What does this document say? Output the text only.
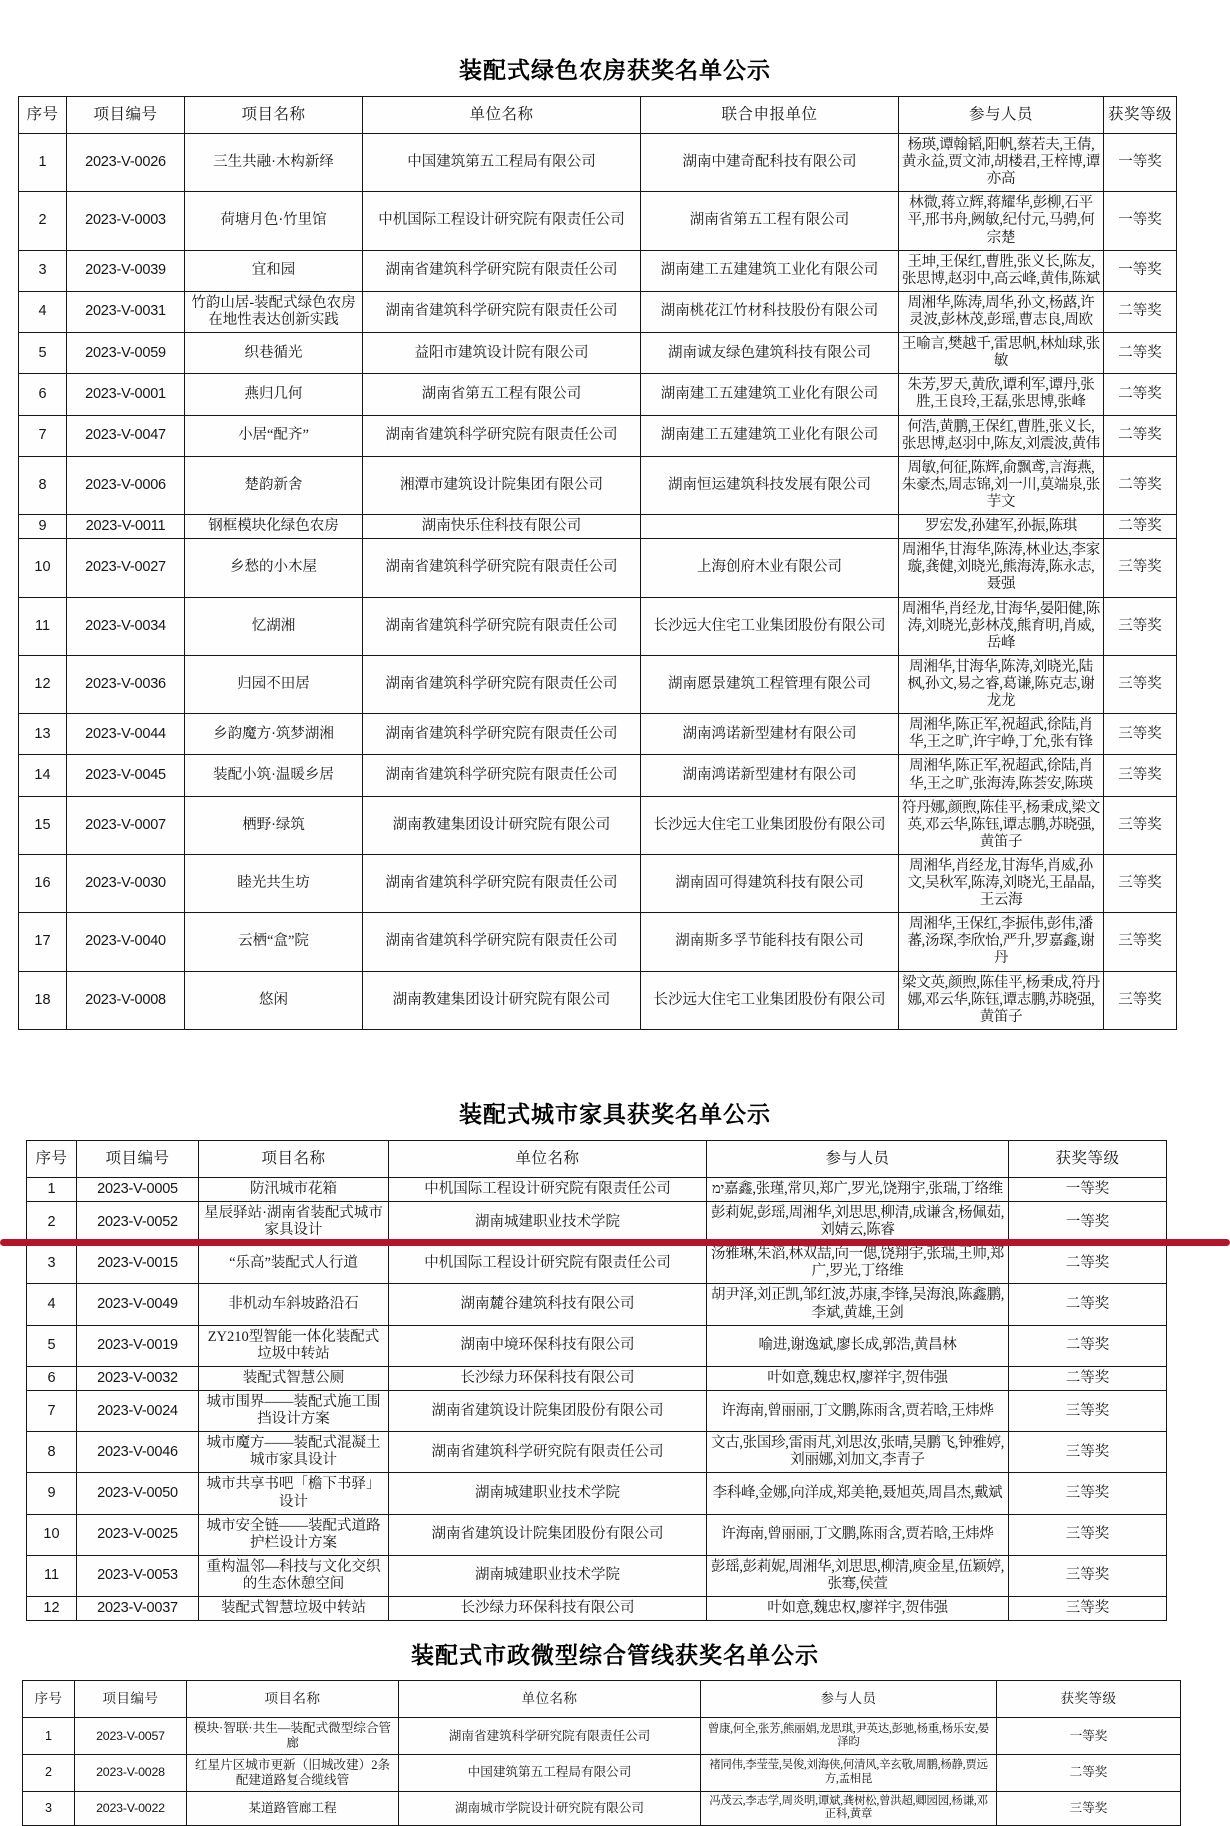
装配式绿色农房获奖名单公示
序号	项目编号	项目名称	单位名称	联合申报单位	参与人员	获奖等级
1	2023-V-0026	三生共融·木构新绎	中国建筑第五工程局有限公司	湖南中建奇配科技有限公司	杨瑛,谭翰韬,阳帆,蔡若夫,王倩,黄永益,贾文沛,胡楼君,王梓博,谭亦高	一等奖
2	2023-V-0003	荷塘月色·竹里馆	中机国际工程设计研究院有限责任公司	湖南省第五工程有限公司	林微,蒋立辉,蒋耀华,彭柳,石平平,邢书舟,阙敏,纪付元,马骋,何宗楚	一等奖
3	2023-V-0039	宜和园	湖南省建筑科学研究院有限责任公司	湖南建工五建建筑工业化有限公司	王坤,王保红,曹胜,张义长,陈友,张思博,赵羽中,高云峰,黄伟,陈斌	一等奖
4	2023-V-0031	竹韵山居-装配式绿色农房在地性表达创新实践	湖南省建筑科学研究院有限责任公司	湖南桃花江竹材科技股份有限公司	周湘华,陈涛,周华,孙文,杨蕗,许灵波,彭林茂,彭瑶,曹志良,周欧	二等奖
5	2023-V-0059	织巷循光	益阳市建筑设计院有限公司	湖南诚友绿色建筑科技有限公司	王喻言,樊越千,雷思帆,林灿球,张敏	二等奖
6	2023-V-0001	燕归几何	湖南省第五工程有限公司	湖南建工五建建筑工业化有限公司	朱芳,罗天,黄欣,谭利军,谭丹,张胜,王良玲,王磊,张思博,张峰	二等奖
7	2023-V-0047	小居“配齐”	湖南省建筑科学研究院有限责任公司	湖南建工五建建筑工业化有限公司	何浩,黄鹏,王保红,曹胜,张义长,张思博,赵羽中,陈友,刘震波,黄伟	二等奖
8	2023-V-0006	楚韵新舍	湘潭市建筑设计院集团有限公司	湖南恒运建筑科技发展有限公司	周敏,何征,陈辉,俞飘鸢,言海燕,朱豪杰,周志锦,刘一川,莫端泉,张芋文	二等奖
9	2023-V-0011	钢框模块化绿色农房	湖南快乐住科技有限公司		罗宏发,孙建军,孙振,陈琪	二等奖
10	2023-V-0027	乡愁的小木屋	湖南省建筑科学研究院有限责任公司	上海创府木业有限公司	周湘华,甘海华,陈涛,林业达,李家璇,龚健,刘晓光,熊海涛,陈永志,聂强	三等奖
11	2023-V-0034	忆湖湘	湖南省建筑科学研究院有限责任公司	长沙远大住宅工业集团股份有限公司	周湘华,肖经龙,甘海华,晏阳健,陈涛,刘晓光,彭林茂,熊育明,肖威,岳峰	三等奖
12	2023-V-0036	归园不田居	湖南省建筑科学研究院有限责任公司	湖南愿景建筑工程管理有限公司	周湘华,甘海华,陈涛,刘晓光,陆枫,孙文,易之睿,葛谦,陈克志,谢龙龙	三等奖
13	2023-V-0044	乡韵魔方·筑梦湖湘	湖南省建筑科学研究院有限责任公司	湖南鸿诺新型建材有限公司	周湘华,陈正军,祝超武,徐陆,肖华,王之旷,许宇峥,丁允,张有锋	三等奖
14	2023-V-0045	装配小筑·温暖乡居	湖南省建筑科学研究院有限责任公司	湖南鸿诺新型建材有限公司	周湘华,陈正军,祝超武,徐陆,肖华,王之旷,张海涛,陈荟安,陈瑛	三等奖
15	2023-V-0007	栖野·绿筑	湖南教建集团设计研究院有限公司	长沙远大住宅工业集团股份有限公司	符丹娜,颜煦,陈佳平,杨秉成,梁文英,邓云华,陈钰,谭志鹏,苏晓强,黄笛子	三等奖
16	2023-V-0030	睦光共生坊	湖南省建筑科学研究院有限责任公司	湖南固可得建筑科技有限公司	周湘华,肖经龙,甘海华,肖威,孙文,吴秋军,陈涛,刘晓光,王晶晶,王云海	三等奖
17	2023-V-0040	云栖“盒”院	湖南省建筑科学研究院有限责任公司	湖南斯多孚节能科技有限公司	周湘华,王保红,李振伟,彭伟,潘蕃,汤琛,李欣怡,严升,罗嘉鑫,谢丹	三等奖
18	2023-V-0008	悠闲	湖南教建集团设计研究院有限公司	长沙远大住宅工业集团股份有限公司	梁文英,颜煦,陈佳平,杨秉成,符丹娜,邓云华,陈钰,谭志鹏,苏晓强,黄笛子	三等奖
装配式城市家具获奖名单公示
序号	项目编号	项目名称	单位名称	参与人员	获奖等级
1	2023-V-0005	防汛城市花箱	中机国际工程设计研究院有限责任公司	ימ嘉鑫,张瑾,常贝,郑广,罗光,饶翔宇,张瑞,丁络维	一等奖
2	2023-V-0052	星辰驿站·湖南省装配式城市家具设计	湖南城建职业技术学院	彭莉妮,彭瑶,周湘华,刘思思,柳清,成谦含,杨佩茹,刘婧云,陈睿	一等奖
3	2023-V-0015	“乐高”装配式人行道	中机国际工程设计研究院有限责任公司	汤雅琳,朱滔,林双喆,向一偲,饶翔宇,张瑞,王帅,郑广,罗光,丁络维	二等奖
4	2023-V-0049	非机动车斜坡路沿石	湖南麓谷建筑科技有限公司	胡尹泽,刘正凯,邹红波,苏康,李锋,吴海浪,陈鑫鹏,李斌,黄雄,王剑	二等奖
5	2023-V-0019	ZY210型智能一体化装配式垃圾中转站	湖南中境环保科技有限公司	喻进,谢逸斌,廖长成,郭浩,黄昌林	二等奖
6	2023-V-0032	装配式智慧公厕	长沙绿力环保科技有限公司	叶如意,魏忠权,廖祥宇,贺伟强	二等奖
7	2023-V-0024	城市围界——装配式施工围挡设计方案	湖南省建筑设计院集团股份有限公司	许海南,曾丽丽,丁文鹏,陈雨含,贾若晗,王炜烨	三等奖
8	2023-V-0046	城市魔方——装配式混凝土城市家具设计	湖南省建筑科学研究院有限责任公司	文古,张国珍,雷雨芃,刘思汝,张晴,吴鹏飞,钟雅婷,刘丽娜,刘加文,李青子	三等奖
9	2023-V-0050	城市共享书吧「檐下书驿」设计	湖南城建职业技术学院	李科峰,金娜,向洋成,郑美艳,聂旭英,周昌杰,戴斌	三等奖
10	2023-V-0025	城市安全链——装配式道路护栏设计方案	湖南省建筑设计院集团股份有限公司	许海南,曾丽丽,丁文鹏,陈雨含,贾若晗,王炜烨	三等奖
11	2023-V-0053	重构温邻—科技与文化交织的生态休憩空间	湖南城建职业技术学院	彭瑶,彭莉妮,周湘华,刘思思,柳清,庾金星,伍颖婷,张骞,侯萱	三等奖
12	2023-V-0037	装配式智慧垃圾中转站	长沙绿力环保科技有限公司	叶如意,魏忠权,廖祥宇,贺伟强	三等奖
装配式市政微型综合管线获奖名单公示
序号	项目编号	项目名称	单位名称	参与人员	获奖等级
1	2023-V-0057	模块·智联·共生—装配式微型综合管廊	湖南省建筑科学研究院有限责任公司	曾康,何全,张芳,熊丽娟,龙思琪,尹英达,彭驰,杨重,杨乐安,晏泽昀	一等奖
2	2023-V-0028	红星片区城市更新（旧城改建）2条配建道路复合缆线管	中国建筑第五工程局有限公司	褚同伟,李莹莹,吴俊,刘海侠,何清风,辛玄敬,周鹏,杨静,贾远方,孟相昆	二等奖
3	2023-V-0022	某道路管廊工程	湖南城市学院设计研究院有限公司	冯茂云,李志学,周炎明,谭斌,龚树松,曾洪超,卿园园,杨谦,邓正科,黄章	三等奖
